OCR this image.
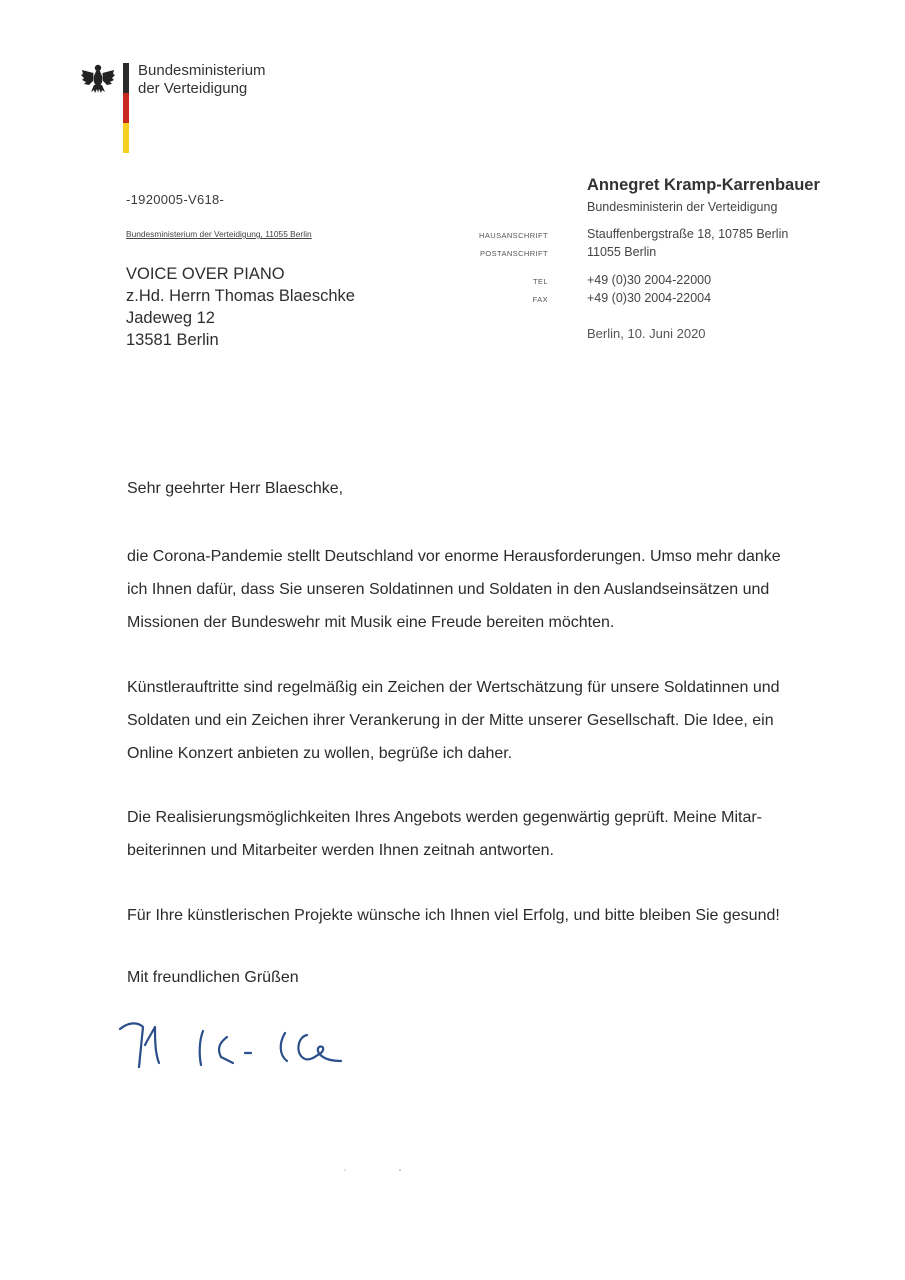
Bundesministerium
der Verteidigung
-1920005-V618-
Bundesministerium der Verteidigung, 11055 Berlin
VOICE OVER PIANO
z.Hd. Herrn Thomas Blaeschke
Jadeweg 12
13581 Berlin
Annegret Kramp-Karrenbauer
Bundesministerin der Verteidigung
HAUSANSCHRIFT	Stauffenbergstraße 18, 10785 Berlin
POSTANSCHRIFT	11055 Berlin
TEL	+49 (0)30 2004-22000
FAX	+49 (0)30 2004-22004
Berlin, 10. Juni 2020
Sehr geehrter Herr Blaeschke,
die Corona-Pandemie stellt Deutschland vor enorme Herausforderungen. Umso mehr danke
ich Ihnen dafür, dass Sie unseren Soldatinnen und Soldaten in den Auslandseinsätzen und
Missionen der Bundeswehr mit Musik eine Freude bereiten möchten.
Künstlerauftritte sind regelmäßig ein Zeichen der Wertschätzung für unsere Soldatinnen und
Soldaten und ein Zeichen ihrer Verankerung in der Mitte unserer Gesellschaft. Die Idee, ein
Online Konzert anbieten zu wollen, begrüße ich daher.
Die Realisierungsmöglichkeiten Ihres Angebots werden gegenwärtig geprüft. Meine Mitar-
beiterinnen und Mitarbeiter werden Ihnen zeitnah antworten.
Für Ihre künstlerischen Projekte wünsche ich Ihnen viel Erfolg, und bitte bleiben Sie gesund!
Mit freundlichen Grüßen
